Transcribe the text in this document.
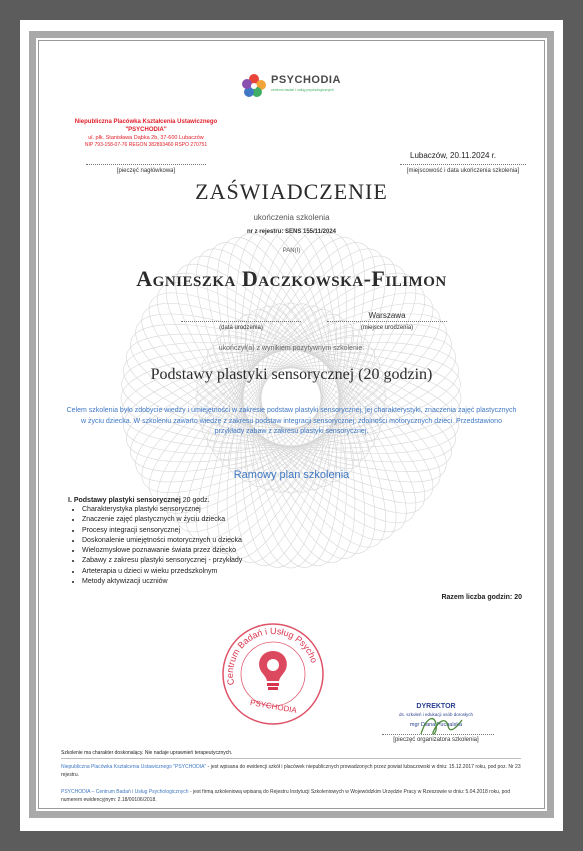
PSYCHODIA
centrum badań i usług psychologicznych
Niepubliczna Placówka Kształcenia Ustawicznego
"PSYCHODIA"
ul. płk. Stanisława Dąbka 2b, 37-600 Lubaczów
NIP 793-158-07-76 REGON 382893460 RSPO 270751
[pieczęć nagłówkowa]
Lubaczów, 20.11.2024 r.
[miejscowość i data ukończenia szkolenia]
ZAŚWIADCZENIE
ukończenia szkolenia
nr z rejestru: SENS 155/11/2024
PAN(I)
Agnieszka Daczkowska-Filimon
(data urodzenia)
Warszawa
(miejsce urodzenia)
ukończył(a) z wynikiem pozytywnym szkolenie:
Podstawy plastyki sensorycznej (20 godzin)
Celem szkolenia było zdobycie wiedzy i umiejętności w zakresie podstaw plastyki sensorycznej, jej charakterystyki, znaczenia zajęć plastycznych w życiu dziecka. W szkoleniu zawarto wiedzę z zakresu podstaw integracji sensorycznej, zdolności motorycznych dzieci. Przedstawiono przykłady zabaw z zakresu plastyki sensorycznej.
Ramowy plan szkolenia
I. Podstawy plastyki sensorycznej 20 godz.
• Charakterystyka plastyki sensorycznej
• Znaczenie zajęć plastycznych w życiu dziecka
• Procesy integracji sensorycznej
• Doskonalenie umiejętności motorycznych u dziecka
• Wielozmysłowe poznawanie świata przez dziecko
• Zabawy z zakresu plastyki sensorycznej - przykłady
• Arteterapia u dzieci w wieku przedszkolnym
• Metody aktywizacji uczniów
Razem liczba godzin: 20
Centrum Badań i Usług Psychologicznych
PSYCHODIA	DYREKTOR
ds. szkoleń i edukacji osób dorosłych
mgr Diana Puchalska
[pieczęć organizatora szkolenia]
Szkolenie ma charakter doskonalący. Nie nadaje uprawnień terapeutycznych.
Niepubliczna Placówka Kształcenia Ustawicznego "PSYCHODIA" - jest wpisana do ewidencji szkół i placówek niepublicznych prowadzonych przez powiat lubaczowski w dniu: 15.12.2017 roku, pod poz. Nr 23 rejestru.
PSYCHODIA – Centrum Badań i Usług Psychologicznych - jest firmą szkoleniową wpisaną do Rejestru Instytucji Szkoleniowych w Wojewódzkim Urzędzie Pracy w Rzeszowie w dniu: 5.04.2018 roku, pod numerem ewidencyjnym: 2.18/00106/2018.
